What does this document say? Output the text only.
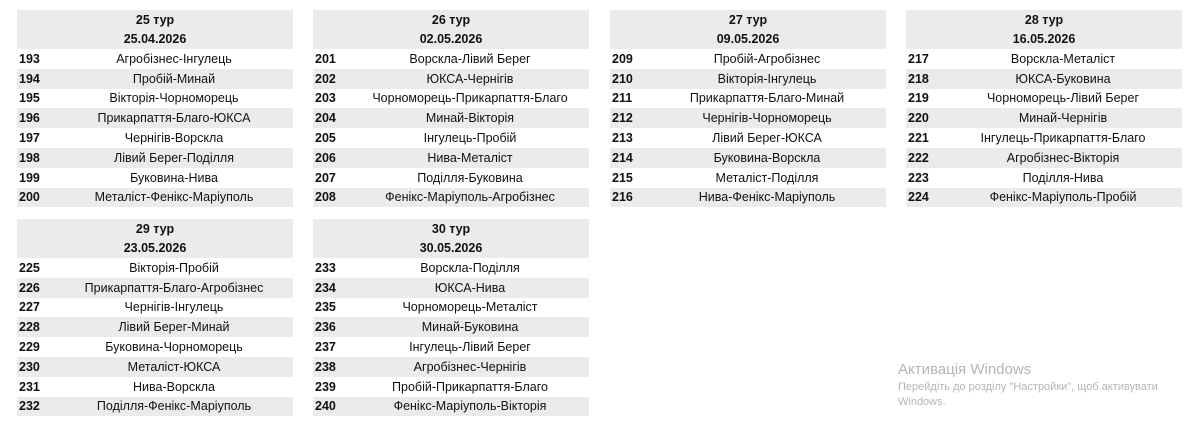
25 тур
25.04.2026
193	Агробізнес-Інгулець
194	Пробій-Минай
195	Вікторія-Чорноморець
196	Прикарпаття-Благо-ЮКСА
197	Чернігів-Ворскла
198	Лівий Берег-Поділля
199	Буковина-Нива
200	Металіст-Фенікс-Маріуполь
26 тур
02.05.2026
201	Ворскла-Лівий Берег
202	ЮКСА-Чернігів
203	Чорноморець-Прикарпаття-Благо
204	Минай-Вікторія
205	Інгулець-Пробій
206	Нива-Металіст
207	Поділля-Буковина
208	Фенікс-Маріуполь-Агробізнес
27 тур
09.05.2026
209	Пробій-Агробізнес
210	Вікторія-Інгулець
211	Прикарпаття-Благо-Минай
212	Чернігів-Чорноморець
213	Лівий Берег-ЮКСА
214	Буковина-Ворскла
215	Металіст-Поділля
216	Нива-Фенікс-Маріуполь
28 тур
16.05.2026
217	Ворскла-Металіст
218	ЮКСА-Буковина
219	Чорноморець-Лівий Берег
220	Минай-Чернігів
221	Інгулець-Прикарпаття-Благо
222	Агробізнес-Вікторія
223	Поділля-Нива
224	Фенікс-Маріуполь-Пробій
29 тур
23.05.2026
225	Вікторія-Пробій
226	Прикарпаття-Благо-Агробізнес
227	Чернігів-Інгулець
228	Лівий Берег-Минай
229	Буковина-Чорноморець
230	Металіст-ЮКСА
231	Нива-Ворскла
232	Поділля-Фенікс-Маріуполь
30 тур
30.05.2026
233	Ворскла-Поділля
234	ЮКСА-Нива
235	Чорноморець-Металіст
236	Минай-Буковина
237	Інгулець-Лівий Берег
238	Агробізнес-Чернігів
239	Пробій-Прикарпаття-Благо
240	Фенікс-Маріуполь-Вікторія
Активація Windows
Перейдіть до розділу "Настройки", щоб активувати Windows.
